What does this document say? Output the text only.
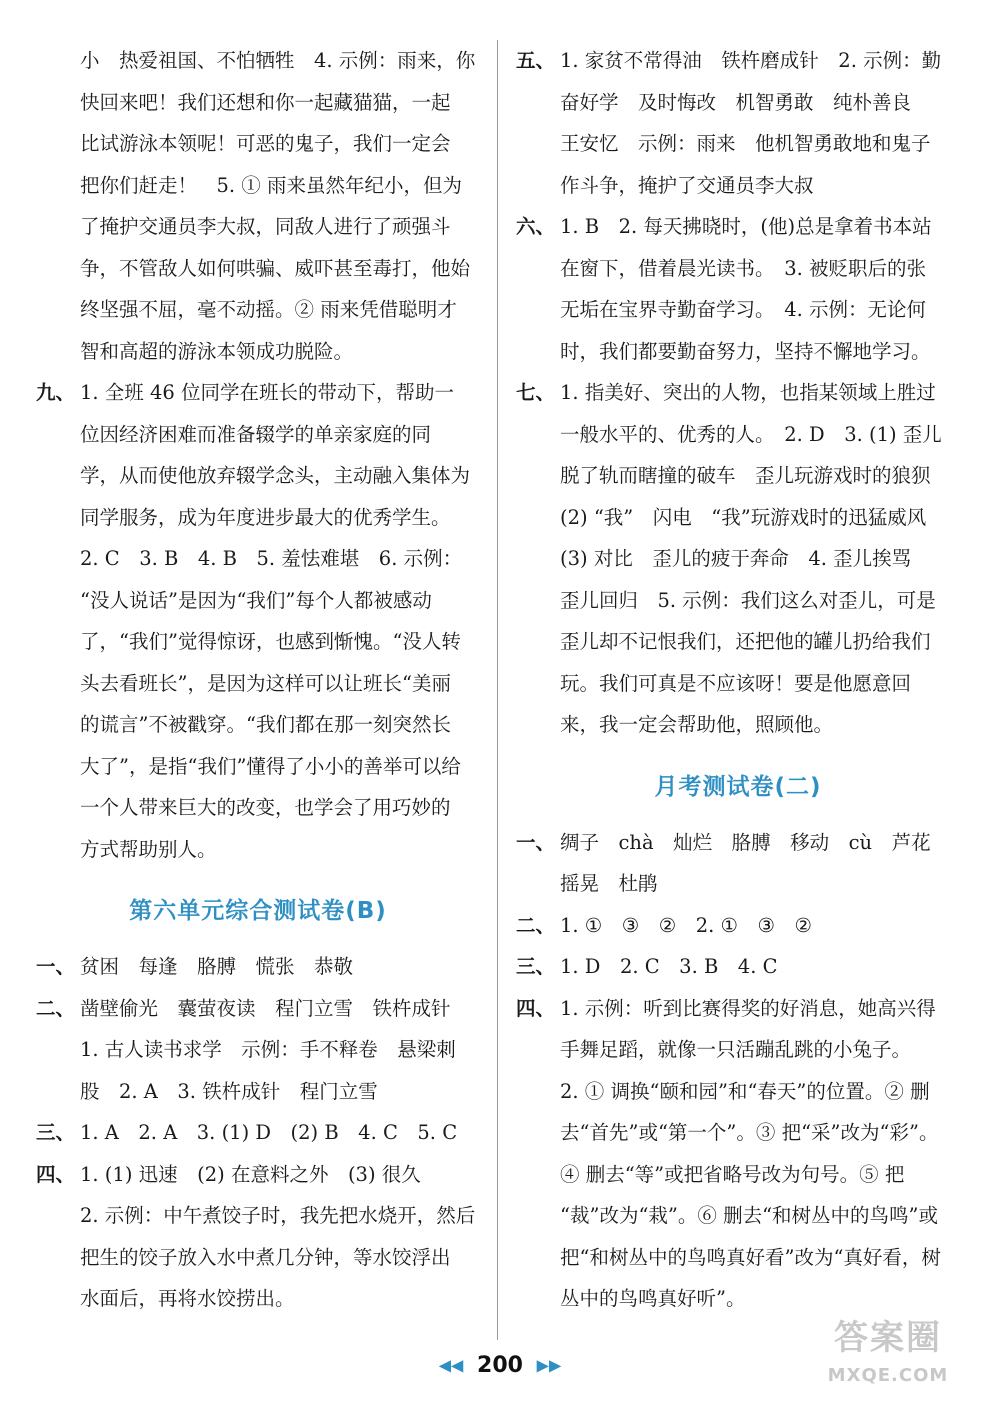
小　热爱祖国、不怕牺牲　4. 示例：雨来，你
快回来吧！我们还想和你一起藏猫猫，一起
比试游泳本领呢！可恶的鬼子，我们一定会
把你们赶走！　5. ① 雨来虽然年纪小，但为
了掩护交通员李大叔，同敌人进行了顽强斗
争，不管敌人如何哄骗、威吓甚至毒打，他始
终坚强不屈，毫不动摇。② 雨来凭借聪明才
智和高超的游泳本领成功脱险。
九、 1. 全班 46 位同学在班长的带动下，帮助一
位因经济困难而准备辍学的单亲家庭的同
学，从而使他放弃辍学念头，主动融入集体为
同学服务，成为年度进步最大的优秀学生。
2. C　3. B　4. B　5. 羞怯难堪　6. 示例：
“没人说话”是因为“我们”每个人都被感动
了，“我们”觉得惊讶，也感到惭愧。“没人转
头去看班长”，是因为这样可以让班长“美丽
的谎言”不被戳穿。“我们都在那一刻突然长
大了”，是指“我们”懂得了小小的善举可以给
一个人带来巨大的改变，也学会了用巧妙的
方式帮助别人。
第六单元综合测试卷(B)
一、 贫困　每逢　胳膊　慌张　恭敬
二、 凿壁偷光　囊萤夜读　程门立雪　铁杵成针
1. 古人读书求学　示例：手不释卷　悬梁刺
股　2. A　3. 铁杵成针　程门立雪
三、 1. A　2. A　3. (1) D　(2) B　4. C　5. C
四、 1. (1) 迅速　(2) 在意料之外　(3) 很久
2. 示例：中午煮饺子时，我先把水烧开，然后
把生的饺子放入水中煮几分钟，等水饺浮出
水面后，再将水饺捞出。
五、 1. 家贫不常得油　铁杵磨成针　2. 示例：勤
奋好学　及时悔改　机智勇敢　纯朴善良
王安忆　示例：雨来　他机智勇敢地和鬼子
作斗争，掩护了交通员李大叔
六、 1. B　2. 每天拂晓时，(他)总是拿着书本站
在窗下，借着晨光读书。　3. 被贬职后的张
无垢在宝界寺勤奋学习。　4. 示例：无论何
时，我们都要勤奋努力，坚持不懈地学习。
七、 1. 指美好、突出的人物，也指某领域上胜过
一般水平的、优秀的人。　2. D　3. (1) 歪儿
脱了轨而瞎撞的破车　歪儿玩游戏时的狼狈
(2) “我”　闪电　“我”玩游戏时的迅猛威风
(3) 对比　歪儿的疲于奔命　4. 歪儿挨骂
歪儿回归　5. 示例：我们这么对歪儿，可是
歪儿却不记恨我们，还把他的罐儿扔给我们
玩。我们可真是不应该呀！要是他愿意回
来，我一定会帮助他，照顾他。
月考测试卷(二)
一、 绸子　chà　灿烂　胳膊　移动　cù　芦花
摇晃　杜鹃
二、 1. ①　③　②　2. ①　③　②
三、 1. D　2. C　3. B　4. C
四、 1. 示例：听到比赛得奖的好消息，她高兴得
手舞足蹈，就像一只活蹦乱跳的小兔子。
2. ① 调换“颐和园”和“春天”的位置。② 删
去“首先”或“第一个”。③ 把“采”改为“彩”。
④ 删去“等”或把省略号改为句号。⑤ 把
“裁”改为“栽”。⑥ 删去“和树丛中的鸟鸣”或
把“和树丛中的鸟鸣真好看”改为“真好看，树
丛中的鸟鸣真好听”。
◀◀ 200 ▶▶
答案圈
MXQE.COM
